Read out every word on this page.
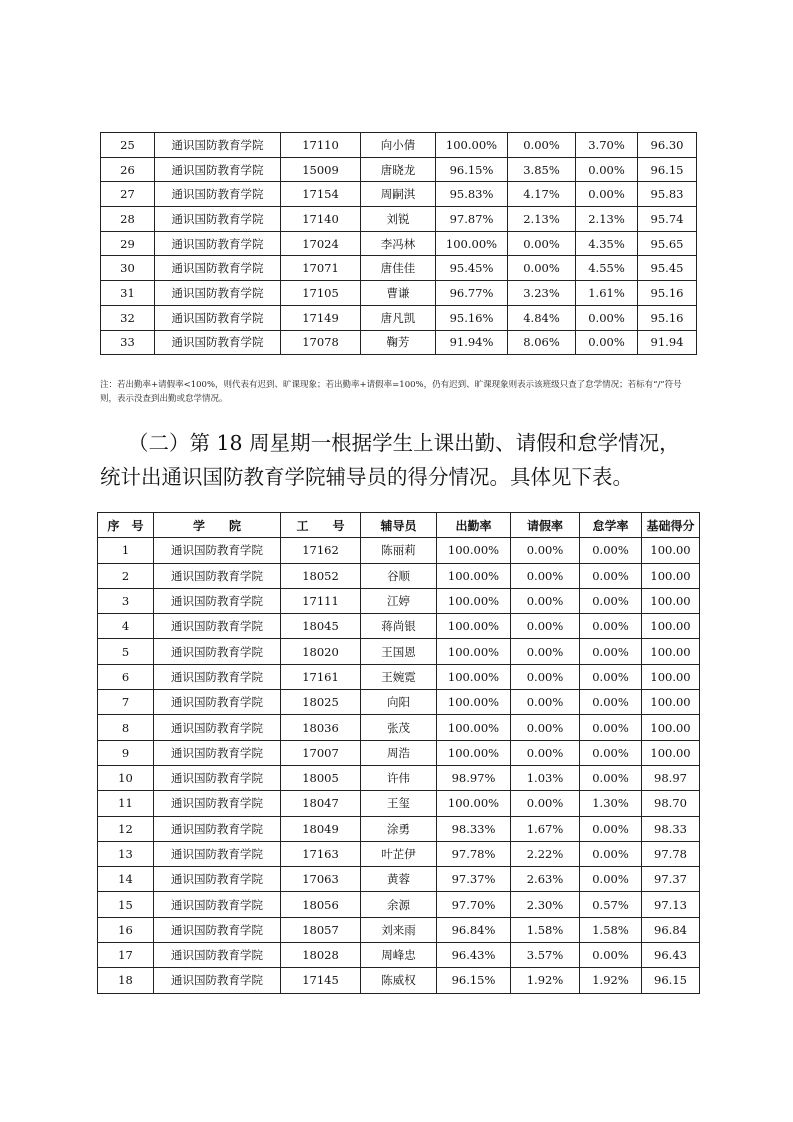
25	通识国防教育学院	17110	向小倩	100.00%	0.00%	3.70%	96.30
26	通识国防教育学院	15009	唐晓龙	96.15%	3.85%	0.00%	96.15
27	通识国防教育学院	17154	周嗣淇	95.83%	4.17%	0.00%	95.83
28	通识国防教育学院	17140	刘锐	97.87%	2.13%	2.13%	95.74
29	通识国防教育学院	17024	李冯林	100.00%	0.00%	4.35%	95.65
30	通识国防教育学院	17071	唐佳佳	95.45%	0.00%	4.55%	95.45
31	通识国防教育学院	17105	曹谦	96.77%	3.23%	1.61%	95.16
32	通识国防教育学院	17149	唐凡凯	95.16%	4.84%	0.00%	95.16
33	通识国防教育学院	17078	鞠芳	91.94%	8.06%	0.00%	91.94
注：若出勤率+请假率<100%，则代表有迟到、旷课现象；若出勤率+请假率=100%，仍有迟到、旷课现象则表示该班级只查了怠学情况；若标有“/”符号则，表示没查到出勤或怠学情况。
（二）第 18 周星期一根据学生上课出勤、请假和怠学情况，
统计出通识国防教育学院辅导员的得分情况。具体见下表。
序　号	学　　院	工　　号	辅导员	出勤率	请假率	怠学率	基础得分
1	通识国防教育学院	17162	陈丽莉	100.00%	0.00%	0.00%	100.00
2	通识国防教育学院	18052	谷顺	100.00%	0.00%	0.00%	100.00
3	通识国防教育学院	17111	江婷	100.00%	0.00%	0.00%	100.00
4	通识国防教育学院	18045	蒋尚银	100.00%	0.00%	0.00%	100.00
5	通识国防教育学院	18020	王国恩	100.00%	0.00%	0.00%	100.00
6	通识国防教育学院	17161	王婉霓	100.00%	0.00%	0.00%	100.00
7	通识国防教育学院	18025	向阳	100.00%	0.00%	0.00%	100.00
8	通识国防教育学院	18036	张茂	100.00%	0.00%	0.00%	100.00
9	通识国防教育学院	17007	周浩	100.00%	0.00%	0.00%	100.00
10	通识国防教育学院	18005	许伟	98.97%	1.03%	0.00%	98.97
11	通识国防教育学院	18047	王玺	100.00%	0.00%	1.30%	98.70
12	通识国防教育学院	18049	涂勇	98.33%	1.67%	0.00%	98.33
13	通识国防教育学院	17163	叶芷伊	97.78%	2.22%	0.00%	97.78
14	通识国防教育学院	17063	黄蓉	97.37%	2.63%	0.00%	97.37
15	通识国防教育学院	18056	余源	97.70%	2.30%	0.57%	97.13
16	通识国防教育学院	18057	刘来雨	96.84%	1.58%	1.58%	96.84
17	通识国防教育学院	18028	周峰忠	96.43%	3.57%	0.00%	96.43
18	通识国防教育学院	17145	陈威权	96.15%	1.92%	1.92%	96.15
